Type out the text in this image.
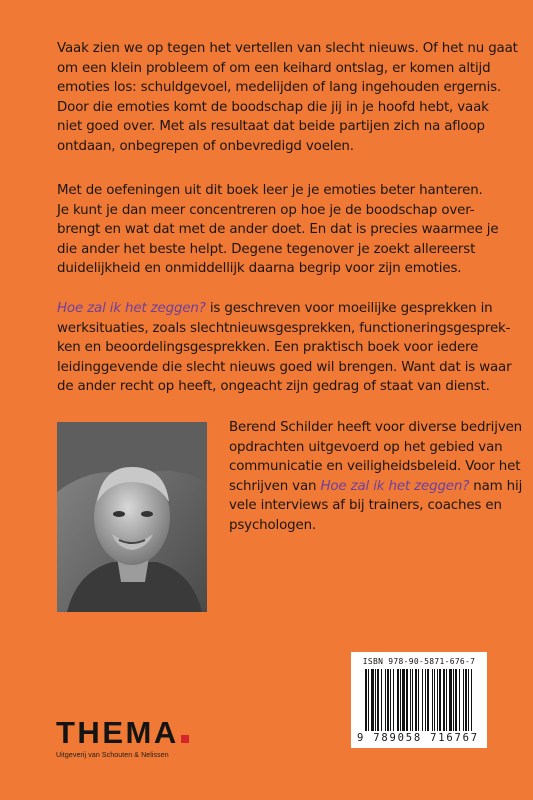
Vaak zien we op tegen het vertellen van slecht nieuws. Of het nu gaat
om een klein probleem of om een keihard ontslag, er komen altijd
emoties los: schuldgevoel, medelijden of lang ingehouden ergernis.
Door die emoties komt de boodschap die jij in je hoofd hebt, vaak
niet goed over. Met als resultaat dat beide partijen zich na afloop
ontdaan, onbegrepen of onbevredigd voelen.

Met de oefeningen uit dit boek leer je je emoties beter hanteren.
Je kunt je dan meer concentreren op hoe je de boodschap over-
brengt en wat dat met de ander doet. En dat is precies waarmee je
die ander het beste helpt. Degene tegenover je zoekt allereerst
duidelijkheid en onmiddellijk daarna begrip voor zijn emoties.

Hoe zal ik het zeggen? is geschreven voor moeilijke gesprekken in
werksituaties, zoals slechtnieuwsgesprekken, functioneringsgesprek-
ken en beoordelingsgesprekken. Een praktisch boek voor iedere
leidinggevende die slecht nieuws goed wil brengen. Want dat is waar
de ander recht op heeft, ongeacht zijn gedrag of staat van dienst.

Berend Schilder heeft voor diverse bedrijven
opdrachten uitgevoerd op het gebied van
communicatie en veiligheidsbeleid. Voor het
schrijven van Hoe zal ik het zeggen? nam hij
vele interviews af bij trainers, coaches en
psychologen.

ISBN 978-90-5871-676-7
9 789058 716767
THEMA
Uitgeverij van Schouten & Nelissen
